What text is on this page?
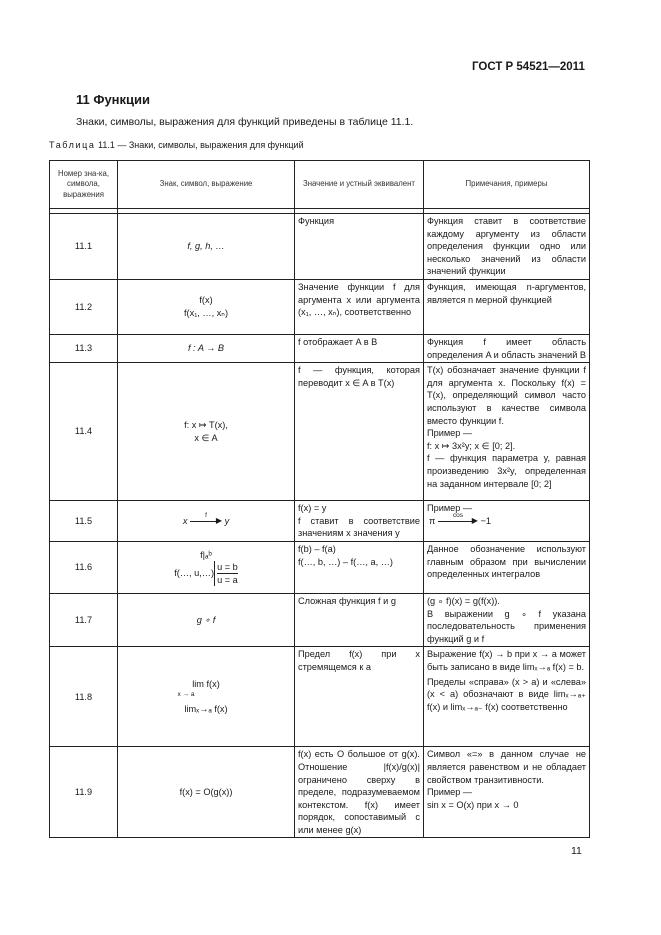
ГОСТ Р 54521—2011
11 Функции
Знаки, символы, выражения для функций приведены в таблице 11.1.
Таблица 11.1 — Знаки, символы, выражения для функций
Номер зна-ка, символа, выражения	Знак, символ, выражение	Значение и устный эквивалент	Примечания, примеры

11.1	f, g, h, …	Функция	Функция ставит в соответствие каждому аргументу из области определения функции одно или несколько значений из области значений функции
11.2	f(x)
f(x₁, …, xₙ)	Значение функции f для аргумента x или аргумента (x₁, …, xₙ), соответственно	Функция, имеющая n-аргументов, является n мерной функцией
11.3	f : A → B	f отображает A в B	Функция f имеет область определения A и область значений B
11.4	f: x ↦ T(x),
x ∈ A	f — функция, которая переводит x ∈ A в T(x)	T(x) обозначает значение функции f для аргумента x. Поскольку f(x) = T(x), определяющий символ часто используют в качестве символа вместо функции f.
Пример —
f: x ↦ 3x²y; x ∈ [0; 2].
f — функция параметра y, равная произведению 3x²y, определенная на заданном интервале [0; 2]

11.5	x f
▶ y	f(x) = y
f ставит в соответствие значениям x значения y	Пример —
π cos
▶ −1

11.6	f|ₐᵇ
f(…, u,…) $\frac{u = b}{u = a}$	f(b) – f(a)
f(…, b, …) – f(…, a, …)	Данное обозначение используют главным образом при вычислении определенных интегралов
11.7	g ∘ f	Сложная функция f и g	(g ∘ f)(x) = g(f(x)).
В выражении g ∘ f указана последовательность применения функций g и f

11.8	lim f(x)
x → a
limₓ→ₐ f(x)	Предел f(x) при x стремящемся к a	Выражение f(x) → b при x → a может быть записано в виде limₓ→ₐ f(x) = b.
Пределы «справа» (x > a) и «слева» (x < a) обозначают в виде limₓ→ₐ₊ f(x) и limₓ→ₐ₋ f(x) соответственно

11.9	f(x) = O(g(x))	f(x) есть O большое от g(x). Отношение |f(x)/g(x)| ограничено сверху в пределе, подразумеваемом контекстом. f(x) имеет порядок, сопоставимый с или менее g(x)	Символ «=» в данном случае не является равенством и не обладает свойством транзитивности.
Пример —
sin x = O(x) при x → 0
11
